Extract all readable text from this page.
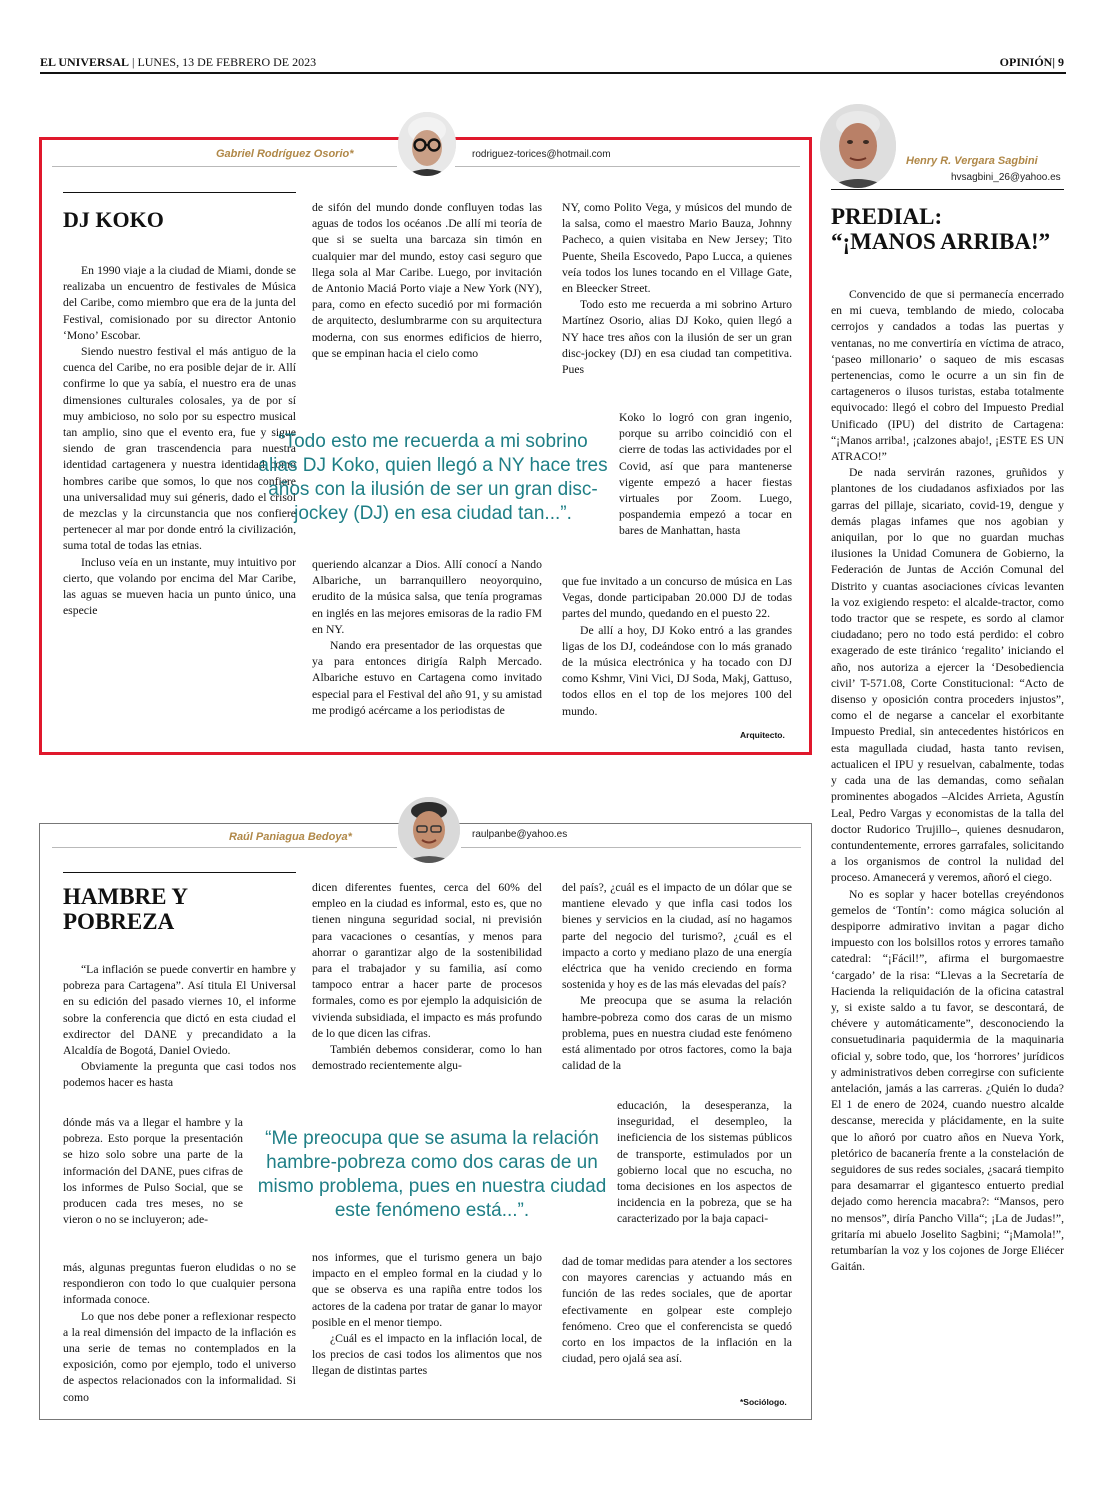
EL UNIVERSAL | LUNES, 13 DE FEBRERO DE 2023	OPINIÓN| 9
Gabriel Rodríguez Osorio*	rodriguez-torices@hotmail.com
DJ KOKO

En 1990 viaje a la ciudad de Miami, donde se realizaba un encuentro de festivales de Música del Caribe, como miembro que era de la junta del Festival, comisionado por su director Antonio ‘Mono’ Escobar.

Siendo nuestro festival el más antiguo de la cuenca del Caribe, no era posible dejar de ir. Allí confirme lo que ya sabía, el nuestro era de unas dimensiones culturales colosales, ya de por sí muy ambicioso, no solo por su espectro musical tan amplio, sino que el evento era, fue y sigue siendo de gran trascendencia para nuestra identidad cartagenera y nuestra identidad como hombres caribe que somos, lo que nos confiere una universalidad muy sui géneris, dado el crisol de mezclas y la circunstancia que nos confiere pertenecer al mar por donde entró la civilización, suma total de todas las etnias.

Incluso veía en un instante, muy intuitivo por cierto, que volando por encima del Mar Caribe, las aguas se mueven hacia un punto único, una especie

de sifón del mundo donde confluyen todas las aguas de todos los océanos .De allí mi teoría de que si se suelta una barcaza sin timón en cualquier mar del mundo, estoy casi seguro que llega sola al Mar Caribe. Luego, por invitación de Antonio Maciá Porto viaje a New York (NY), para, como en efecto sucedió por mi formación de arquitecto, deslumbrarme con su arquitectura moderna, con sus enormes edificios de hierro, que se empinan hacia el cielo como

queriendo alcanzar a Dios. Allí conocí a Nando Albariche, un barranquillero neoyorquino, erudito de la música salsa, que tenía programas en inglés en las mejores emisoras de la radio FM en NY.

Nando era presentador de las orquestas que ya para entonces dirigía Ralph Mercado. Albariche estuvo en Cartagena como invitado especial para el Festival del año 91, y su amistad me prodigó acércame a los periodistas de

NY, como Polito Vega, y músicos del mundo de la salsa, como el maestro Mario Bauza, Johnny Pacheco, a quien visitaba en New Jersey; Tito Puente, Sheila Escovedo, Papo Lucca, a quienes veía todos los lunes tocando en el Village Gate, en Bleecker Street.

Todo esto me recuerda a mi sobrino Arturo Martínez Osorio, alias DJ Koko, quien llegó a NY hace tres años con la ilusión de ser un gran disc-jockey (DJ) en esa ciudad tan competitiva. Pues

Koko lo logró con gran ingenio, porque su arribo coincidió con el cierre de todas las actividades por el Covid, así que para mantenerse vigente empezó a hacer fiestas virtuales por Zoom. Luego, pospandemia empezó a tocar en bares de Manhattan, hasta

que fue invitado a un concurso de música en Las Vegas, donde participaban 20.000 DJ de todas partes del mundo, quedando en el puesto 22.

De allí a hoy, DJ Koko entró a las grandes ligas de los DJ, codeándose con lo más granado de la música electrónica y ha tocado con DJ como Kshmr, Vini Vici, DJ Soda, Makj, Gattuso, todos ellos en el top de los mejores 100 del mundo.

Arquitecto.
“Todo esto me recuerda a mi sobrino alias DJ Koko, quien llegó a NY hace tres años con la ilusión de ser un gran disc-jockey (DJ) en esa ciudad tan...”.
Raúl Paniagua Bedoya*	raulpanbe@yahoo.es
HAMBRE Y
POBREZA

“La inflación se puede convertir en hambre y pobreza para Cartagena”. Así titula El Universal en su edición del pasado viernes 10, el informe sobre la conferencia que dictó en esta ciudad el exdirector del DANE y precandidato a la Alcaldía de Bogotá, Daniel Oviedo.

Obviamente la pregunta que casi todos nos podemos hacer es hasta

dónde más va a llegar el hambre y la pobreza. Esto porque la presentación se hizo solo sobre una parte de la información del DANE, pues cifras de los informes de Pulso Social, que se producen cada tres meses, no se vieron o no se incluyeron; ade-

más, algunas preguntas fueron eludidas o no se respondieron con todo lo que cualquier persona informada conoce.

Lo que nos debe poner a reflexionar respecto a la real dimensión del impacto de la inflación es una serie de temas no contemplados en la exposición, como por ejemplo, todo el universo de aspectos relacionados con la informalidad. Si como

dicen diferentes fuentes, cerca del 60% del empleo en la ciudad es informal, esto es, que no tienen ninguna seguridad social, ni previsión para vacaciones o cesantías, y menos para ahorrar o garantizar algo de la sostenibilidad para el trabajador y su familia, así como tampoco entrar a hacer parte de procesos formales, como es por ejemplo la adquisición de vivienda subsidiada, el impacto es más profundo de lo que dicen las cifras.

También debemos considerar, como lo han demostrado recientemente algu-

nos informes, que el turismo genera un bajo impacto en el empleo formal en la ciudad y lo que se observa es una rapiña entre todos los actores de la cadena por tratar de ganar lo mayor posible en el menor tiempo.

¿Cuál es el impacto en la inflación local, de los precios de casi todos los alimentos que nos llegan de distintas partes

del país?, ¿cuál es el impacto de un dólar que se mantiene elevado y que infla casi todos los bienes y servicios en la ciudad, así no hagamos parte del negocio del turismo?, ¿cuál es el impacto a corto y mediano plazo de una energía eléctrica que ha venido creciendo en forma sostenida y hoy es de las más elevadas del país?

Me preocupa que se asuma la relación hambre-pobreza como dos caras de un mismo problema, pues en nuestra ciudad este fenómeno está alimentado por otros factores, como la baja calidad de la

educación, la desesperanza, la inseguridad, el desempleo, la ineficiencia de los sistemas públicos de transporte, estimulados por un gobierno local que no escucha, no toma decisiones en los aspectos de incidencia en la pobreza, que se ha caracterizado por la baja capaci-

dad de tomar medidas para atender a los sectores con mayores carencias y actuando más en función de las redes sociales, que de aportar efectivamente en golpear este complejo fenómeno. Creo que el conferencista se quedó corto en los impactos de la inflación en la ciudad, pero ojalá sea así.

*Sociólogo.
“Me preocupa que se asuma la relación hambre-pobreza como dos caras de un mismo problema, pues en nuestra ciudad este fenómeno está...”.
Henry R. Vergara Sagbini
hvsagbini_26@yahoo.es
PREDIAL:
“¡MANOS ARRIBA!”

Convencido de que si permanecía encerrado en mi cueva, temblando de miedo, colocaba cerrojos y candados a todas las puertas y ventanas, no me convertiría en víctima de atraco, ‘paseo millonario’ o saqueo de mis escasas pertenencias, como le ocurre a un sin fin de cartageneros o ilusos turistas, estaba totalmente equivocado: llegó el cobro del Impuesto Predial Unificado (IPU) del distrito de Cartagena: “¡Manos arriba!, ¡calzones abajo!, ¡ESTE ES UN ATRACO!”

De nada servirán razones, gruñidos y plantones de los ciudadanos asfixiados por las garras del pillaje, sicariato, covid-19, dengue y demás plagas infames que nos agobian y aniquilan, por lo que no guardan muchas ilusiones la Unidad Comunera de Gobierno, la Federación de Juntas de Acción Comunal del Distrito y cuantas asociaciones cívicas levanten la voz exigiendo respeto: el alcalde-tractor, como todo tractor que se respete, es sordo al clamor ciudadano; pero no todo está perdido: el cobro exagerado de este tiránico ‘regalito’ iniciando el año, nos autoriza a ejercer la ‘Desobediencia civil’ T-571.08, Corte Constitucional: “Acto de disenso y oposición contra proceders injustos”, como el de negarse a cancelar el exorbitante Impuesto Predial, sin antecedentes históricos en esta magullada ciudad, hasta tanto revisen, actualicen el IPU y resuelvan, cabalmente, todas y cada una de las demandas, como señalan prominentes abogados –Alcides Arrieta, Agustín Leal, Pedro Vargas y economistas de la talla del doctor Rudorico Trujillo–, quienes desnudaron, contundentemente, errores garrafales, solicitando a los organismos de control la nulidad del proceso. Amanecerá y veremos, añoró el ciego.

No es soplar y hacer botellas creyéndonos gemelos de ‘Tontín’: como mágica solución al despiporre admirativo invitan a pagar dicho impuesto con los bolsillos rotos y errores tamaño catedral: “¡Fácil!”, afirma el burgomaestre ‘cargado’ de la risa: “Llevas a la Secretaría de Hacienda la reliquidación de la oficina catastral y, si existe saldo a tu favor, se descontará, de chévere y automáticamente”, desconociendo la consuetudinaria paquidermia de la maquinaria oficial y, sobre todo, que, los ‘horrores’ jurídicos y administrativos deben corregirse con suficiente antelación, jamás a las carreras. ¿Quién lo duda? El 1 de enero de 2024, cuando nuestro alcalde descanse, merecida y plácidamente, en la suite que lo añoró por cuatro años en Nueva York, pletórico de bacanería frente a la constelación de seguidores de sus redes sociales, ¿sacará tiempito para desamarrar el gigantesco entuerto predial dejado como herencia macabra?: “Mansos, pero no mensos”, diría Pancho Villa“; ¡La de Judas!”, gritaría mi abuelo Joselito Sagbini; “¡Mamola!”, retumbarían la voz y los cojones de Jorge Eliécer Gaitán.
